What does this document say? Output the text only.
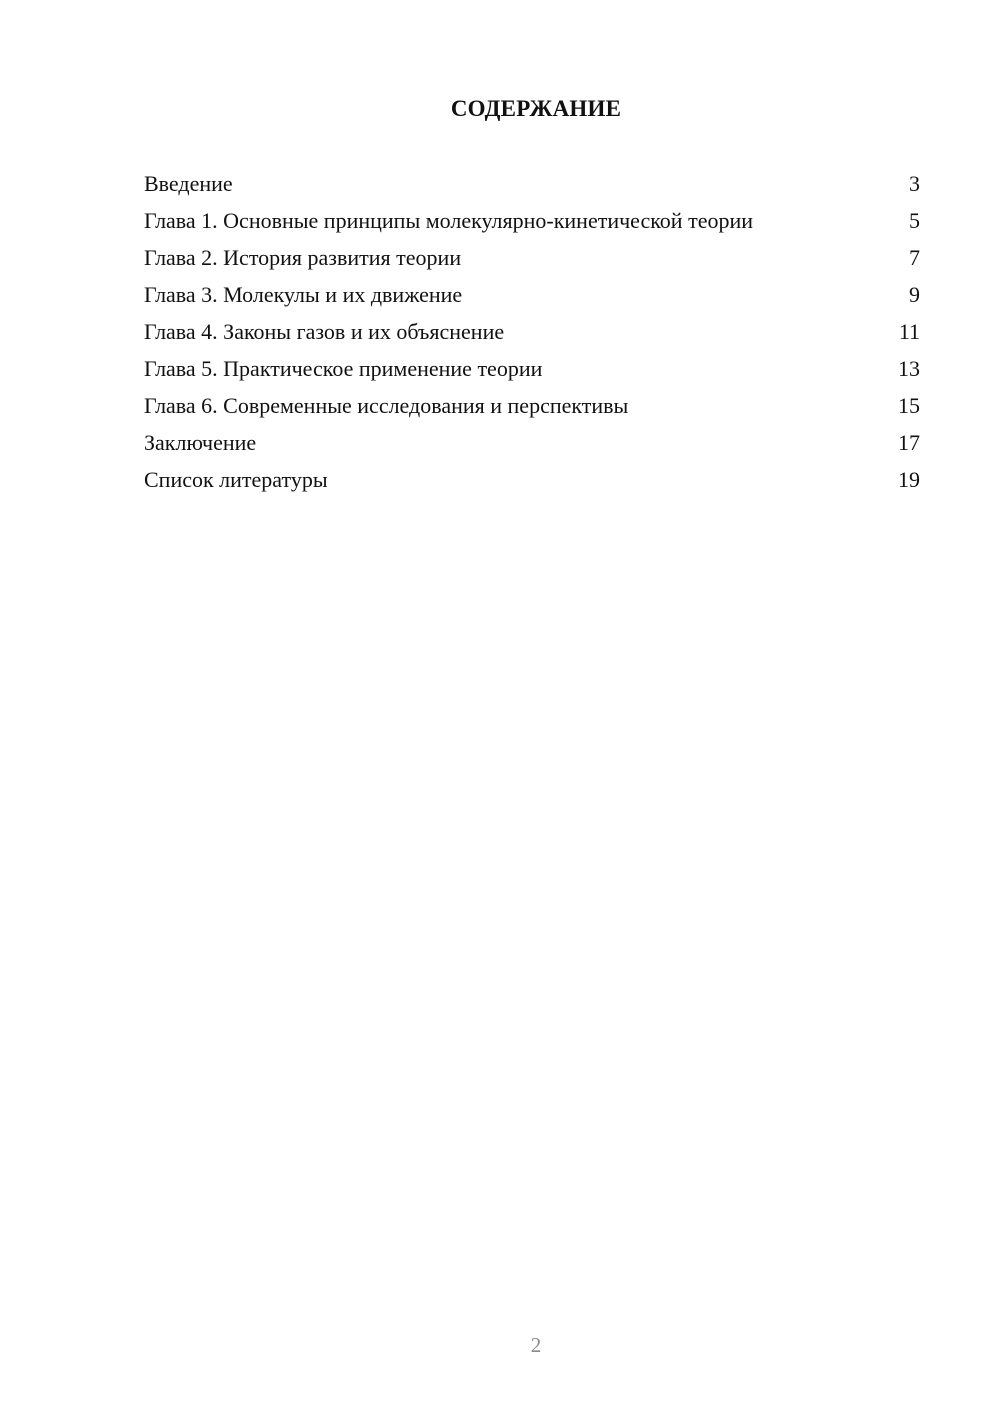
СОДЕРЖАНИЕ
Введение	3
Глава 1. Основные принципы молекулярно-кинетической теории	5
Глава 2. История развития теории	7
Глава 3. Молекулы и их движение	9
Глава 4. Законы газов и их объяснение	11
Глава 5. Практическое применение теории	13
Глава 6. Современные исследования и перспективы	15
Заключение	17
Список литературы	19
2
